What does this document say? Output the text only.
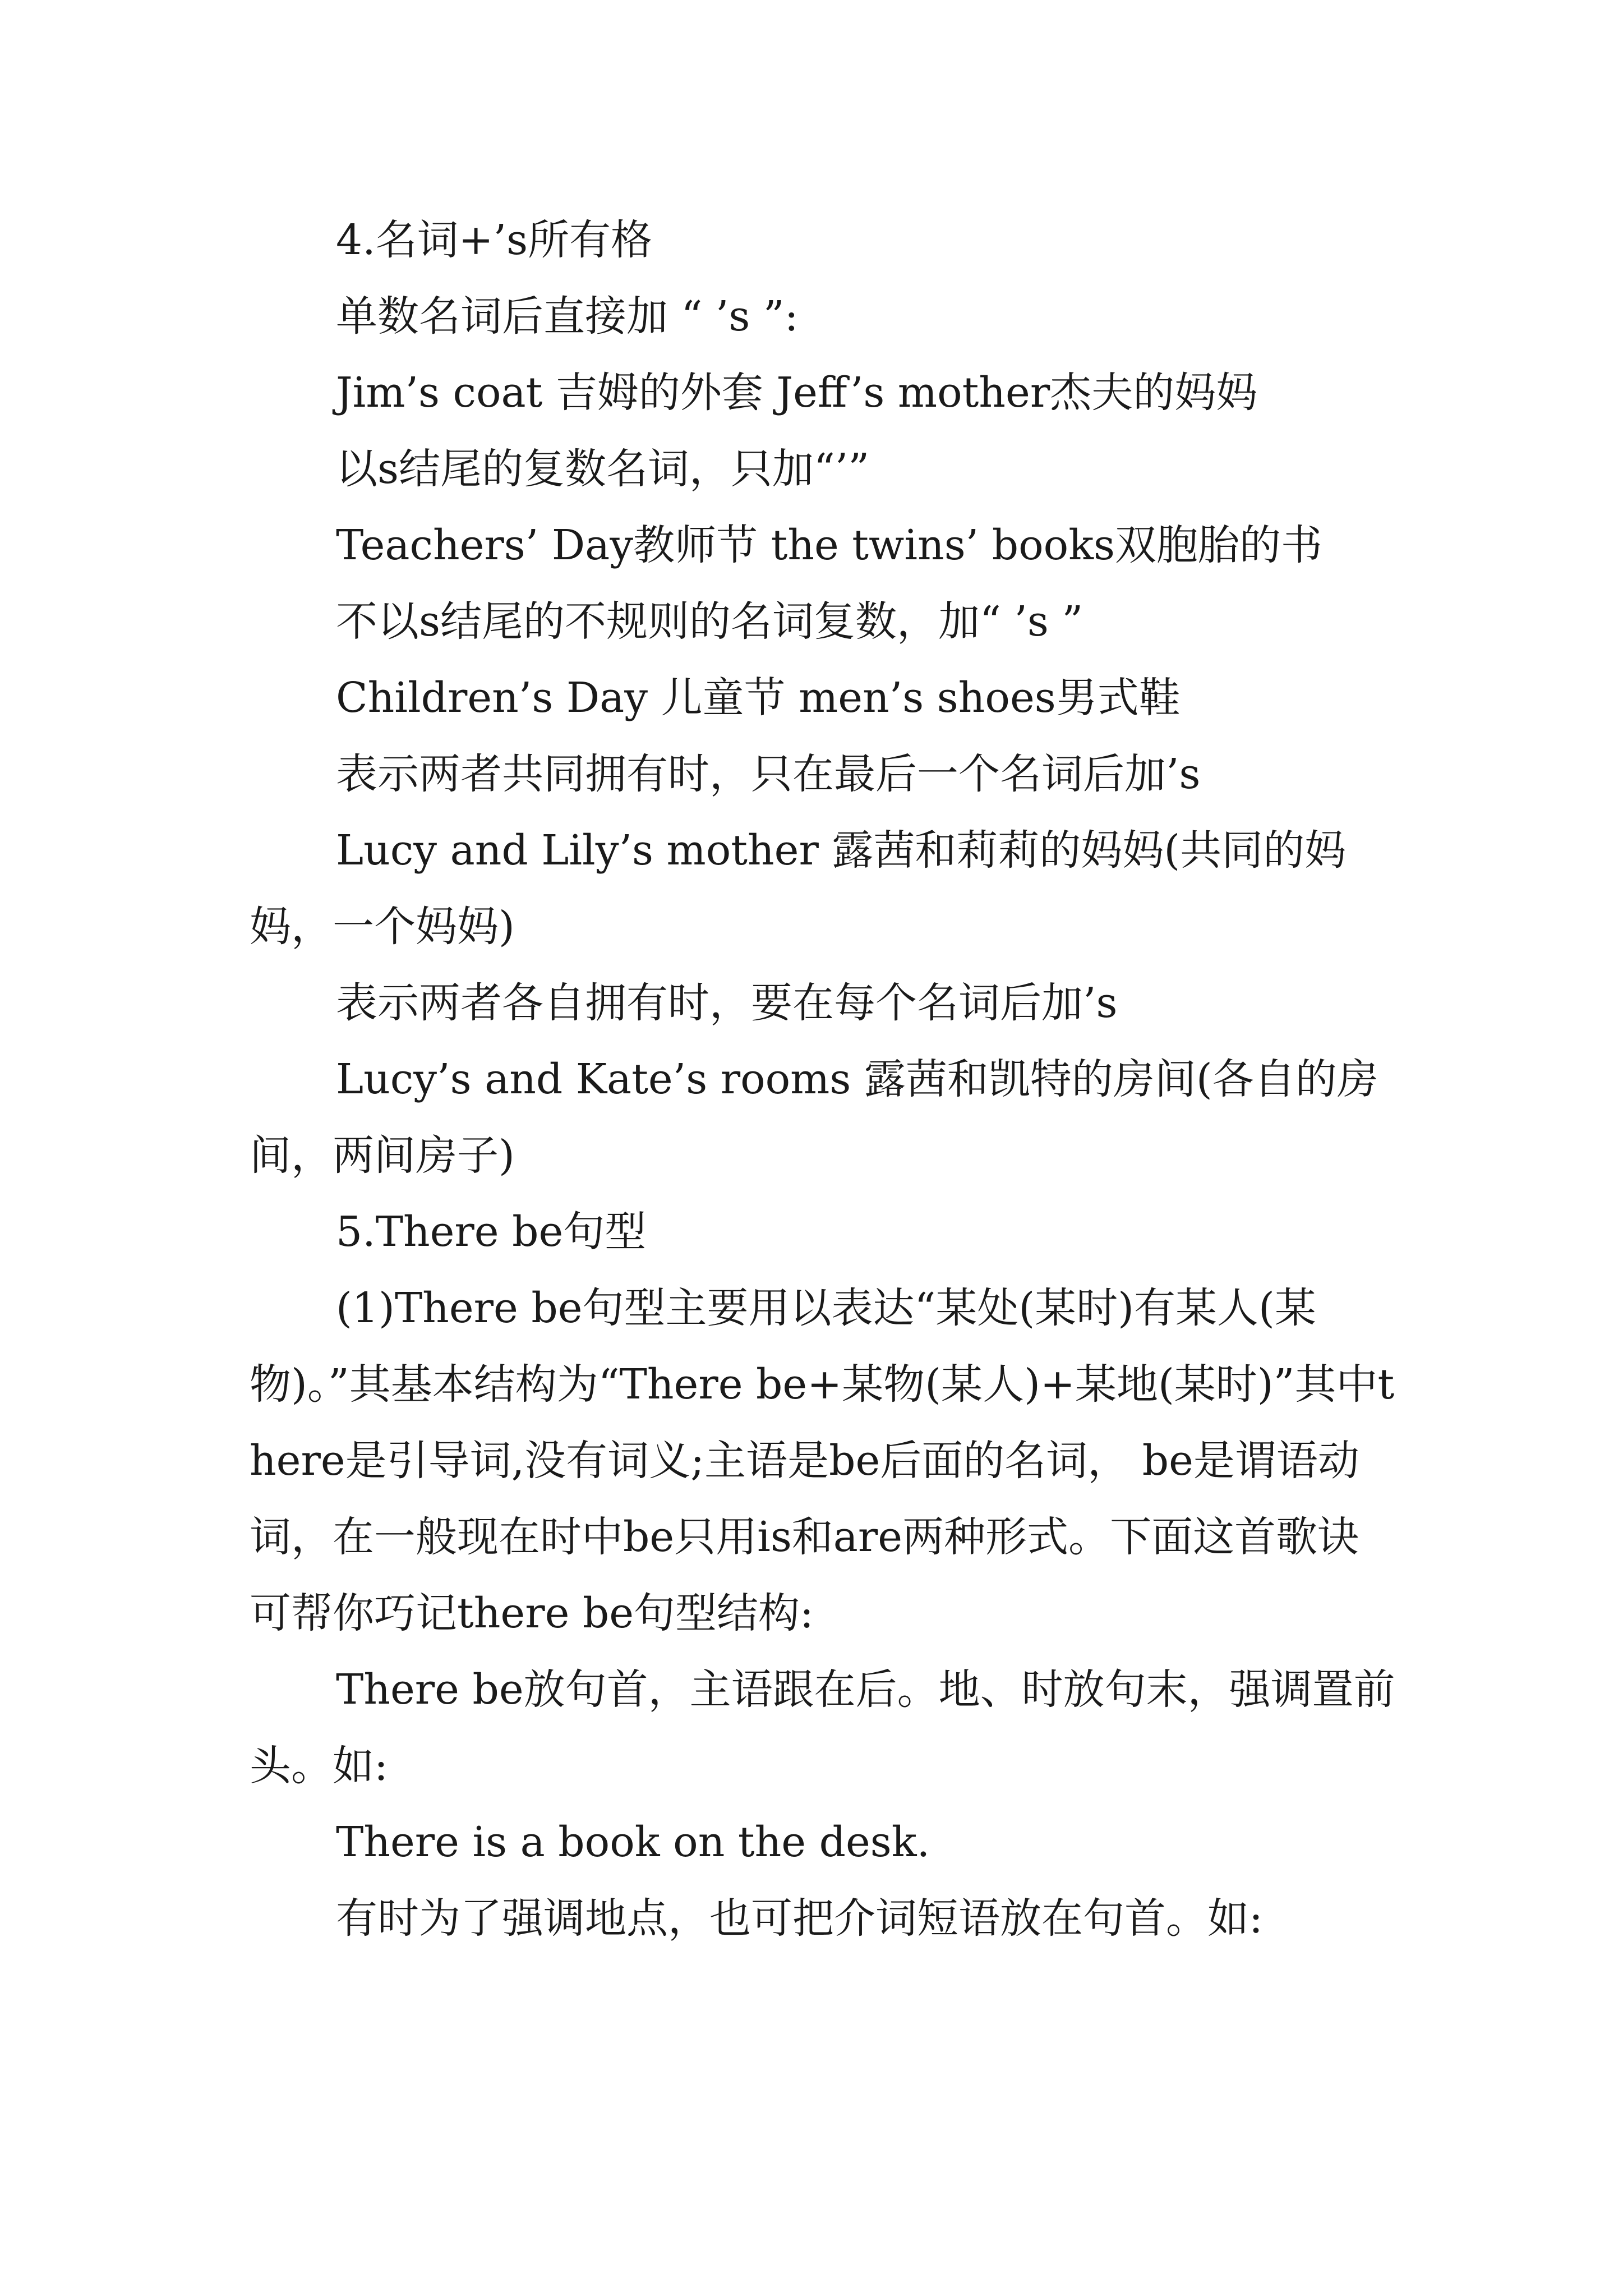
4.名词+’s所有格

单数名词后直接加 “ ’s ”:

Jim’s coat 吉姆的外套 Jeff’s mother杰夫的妈妈

以s结尾的复数名词，只加“’”

Teachers’ Day教师节 the twins’ books双胞胎的书

不以s结尾的不规则的名词复数，加“ ’s ”

Children’s Day 儿童节 men’s shoes男式鞋

表示两者共同拥有时，只在最后一个名词后加’s

Lucy and Lily’s mother 露茜和莉莉的妈妈(共同的妈妈，一个妈妈)

表示两者各自拥有时，要在每个名词后加’s

Lucy’s and Kate’s rooms 露茜和凯特的房间(各自的房间，两间房子)

5.There be句型

(1)There be句型主要用以表达“某处(某时)有某人(某物)。”其基本结构为“There be+某物(某人)+某地(某时)”其中there是引导词,没有词义;主语是be后面的名词， be是谓语动词，在一般现在时中be只用is和are两种形式。下面这首歌诀可帮你巧记there be句型结构:

There be放句首，主语跟在后。地、时放句末，强调置前头。如:

There is a book on the desk.

有时为了强调地点，也可把介词短语放在句首。如:
